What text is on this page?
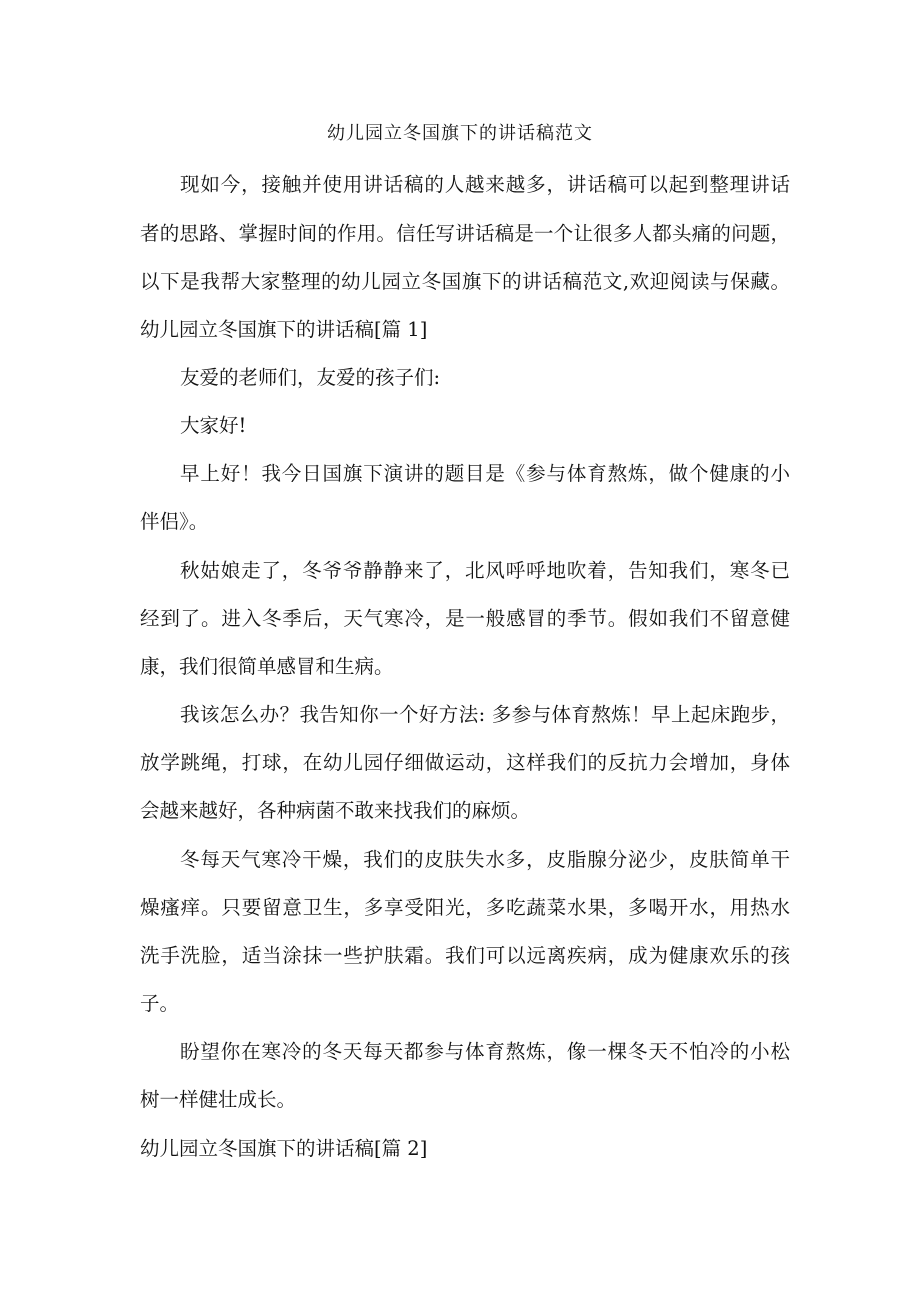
幼儿园立冬国旗下的讲话稿范文
现如今，接触并使用讲话稿的人越来越多，讲话稿可以起到整理讲话
者的思路、掌握时间的作用。信任写讲话稿是一个让很多人都头痛的问题，
以下是我帮大家整理的幼儿园立冬国旗下的讲话稿范文,欢迎阅读与保藏。
幼儿园立冬国旗下的讲话稿[篇 1]
友爱的老师们，友爱的孩子们:
大家好!
早上好！我今日国旗下演讲的题目是《参与体育熬炼，做个健康的小
伴侣》。
秋姑娘走了，冬爷爷静静来了，北风呼呼地吹着，告知我们，寒冬已
经到了。进入冬季后，天气寒冷，是一般感冒的季节。假如我们不留意健
康，我们很简单感冒和生病。
我该怎么办？我告知你一个好方法: 多参与体育熬炼！早上起床跑步，
放学跳绳，打球，在幼儿园仔细做运动，这样我们的反抗力会增加，身体
会越来越好，各种病菌不敢来找我们的麻烦。
冬每天气寒冷干燥，我们的皮肤失水多，皮脂腺分泌少，皮肤简单干
燥瘙痒。只要留意卫生，多享受阳光，多吃蔬菜水果，多喝开水，用热水
洗手洗脸，适当涂抹一些护肤霜。我们可以远离疾病，成为健康欢乐的孩
子。
盼望你在寒冷的冬天每天都参与体育熬炼，像一棵冬天不怕冷的小松
树一样健壮成长。
幼儿园立冬国旗下的讲话稿[篇 2]
